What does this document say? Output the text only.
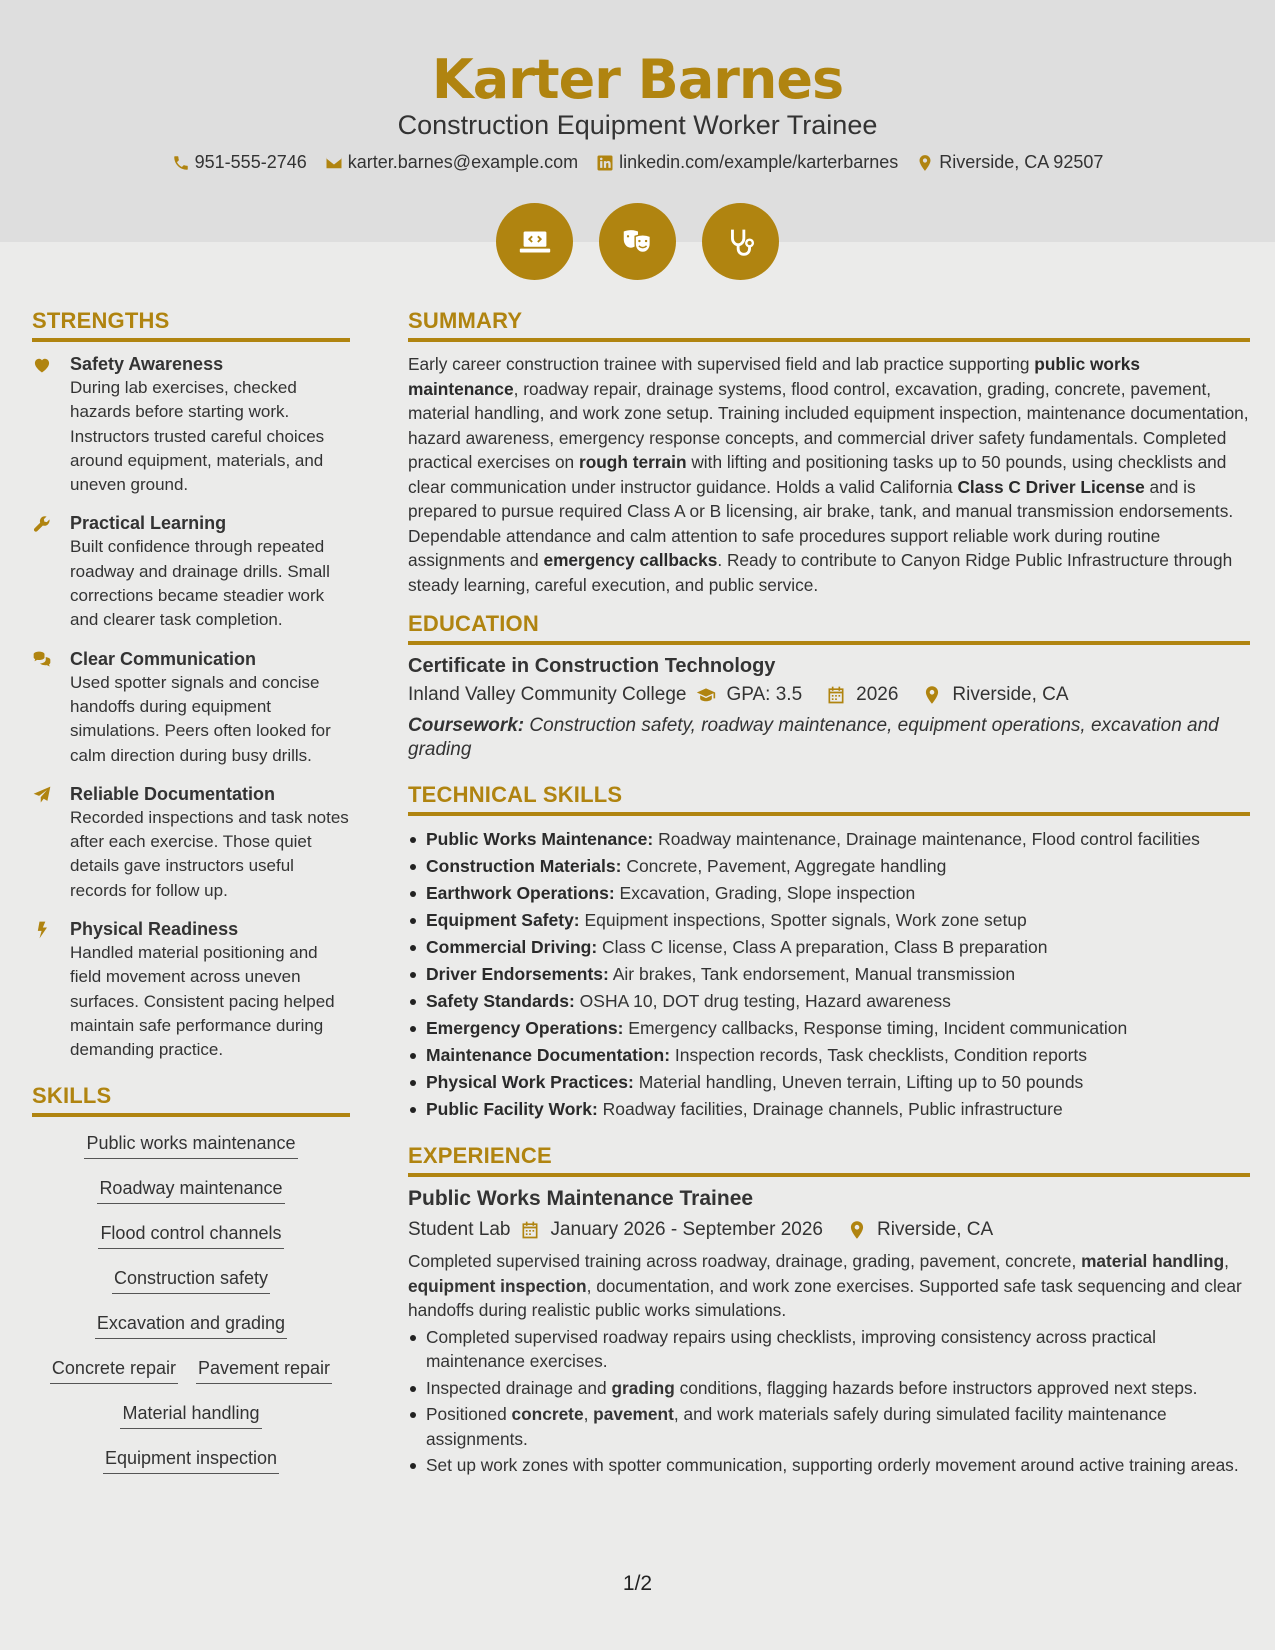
Karter Barnes
Construction Equipment Worker Trainee
951-555-2746 karter.barnes@example.com linkedin.com/example/karterbarnes Riverside, CA 92507
STRENGTHS
Safety Awareness
During lab exercises, checked hazards before starting work. Instructors trusted careful choices around equipment, materials, and uneven ground.
Practical Learning
Built confidence through repeated roadway and drainage drills. Small corrections became steadier work and clearer task completion.
Clear Communication
Used spotter signals and concise handoffs during equipment simulations. Peers often looked for calm direction during busy drills.
Reliable Documentation
Recorded inspections and task notes after each exercise. Those quiet details gave instructors useful records for follow up.
Physical Readiness
Handled material positioning and field movement across uneven surfaces. Consistent pacing helped maintain safe performance during demanding practice.
SKILLS
Public works maintenance
Roadway maintenance
Flood control channels
Construction safety
Excavation and grading
Concrete repair Pavement repair
Material handling
Equipment inspection
SUMMARY

Early career construction trainee with supervised field and lab practice supporting public works maintenance, roadway repair, drainage systems, flood control, excavation, grading, concrete, pavement, material handling, and work zone setup. Training included equipment inspection, maintenance documentation, hazard awareness, emergency response concepts, and commercial driver safety fundamentals. Completed practical exercises on rough terrain with lifting and positioning tasks up to 50 pounds, using checklists and clear communication under instructor guidance. Holds a valid California Class C Driver License and is prepared to pursue required Class A or B licensing, air brake, tank, and manual transmission endorsements. Dependable attendance and calm attention to safe procedures support reliable work during routine assignments and emergency callbacks. Ready to contribute to Canyon Ridge Public Infrastructure through steady learning, careful execution, and public service.

EDUCATION
Certificate in Construction Technology
Inland Valley Community College GPA: 3.5	2026	Riverside, CA
Coursework: Construction safety, roadway maintenance, equipment operations, excavation and grading
TECHNICAL SKILLS
Public Works Maintenance: Roadway maintenance, Drainage maintenance, Flood control facilities
Construction Materials: Concrete, Pavement, Aggregate handling
Earthwork Operations: Excavation, Grading, Slope inspection
Equipment Safety: Equipment inspections, Spotter signals, Work zone setup
Commercial Driving: Class C license, Class A preparation, Class B preparation
Driver Endorsements: Air brakes, Tank endorsement, Manual transmission
Safety Standards: OSHA 10, DOT drug testing, Hazard awareness
Emergency Operations: Emergency callbacks, Response timing, Incident communication
Maintenance Documentation: Inspection records, Task checklists, Condition reports
Physical Work Practices: Material handling, Uneven terrain, Lifting up to 50 pounds
Public Facility Work: Roadway facilities, Drainage channels, Public infrastructure
EXPERIENCE
Public Works Maintenance Trainee
Student Lab January 2026 - September 2026	Riverside, CA

Completed supervised training across roadway, drainage, grading, pavement, concrete, material handling, equipment inspection, documentation, and work zone exercises. Supported safe task sequencing and clear handoffs during realistic public works simulations.

Completed supervised roadway repairs using checklists, improving consistency across practical maintenance exercises.
Inspected drainage and grading conditions, flagging hazards before instructors approved next steps.
Positioned concrete, pavement, and work materials safely during simulated facility maintenance assignments.
Set up work zones with spotter communication, supporting orderly movement around active training areas.
1/2
